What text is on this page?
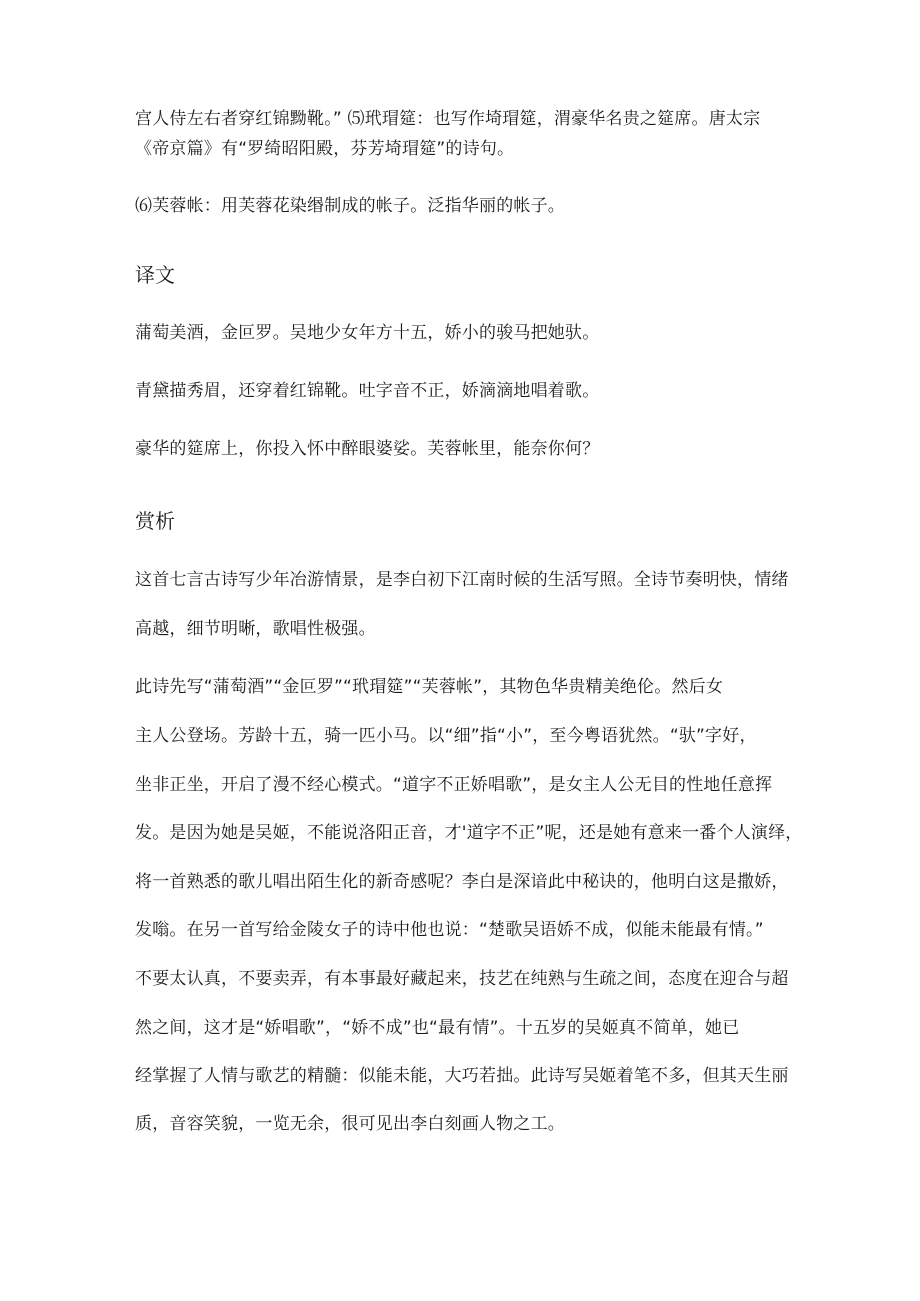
宫人侍左右者穿红锦黝靴。” ⑸玳瑁筵：也写作埼瑁筵，渭豪华名贵之筵席。唐太宗
《帝京篇》有“罗绮昭阳殿，芬芳埼瑁筵”的诗句。
⑹芙蓉帐：用芙蓉花染缗制成的帐子。泛指华丽的帐子。
译文
蒲萄美酒，金叵罗。吴地少女年方十五，娇小的骏马把她驮。
青黛描秀眉，还穿着红锦靴。吐字音不正，娇滴滴地唱着歌。
豪华的筵席上，你投入怀中醉眼婆娑。芙蓉帐里，能奈你何？
赏析
这首七言古诗写少年冶游情景，是李白初下江南时候的生活写照。全诗节奏明快，情绪
高越，细节明晰，歌唱性极强。
此诗先写“蒲萄酒”“金叵罗”“玳瑁筵”“芙蓉帐”，其物色华贵精美绝伦。然后女
主人公登场。芳龄十五，骑一匹小马。以“细”指“小”，至今粤语犹然。“驮”字好，
坐非正坐，开启了漫不经心模式。“道字不正娇唱歌”，是女主人公无目的性地任意挥
发。是因为她是吴姬，不能说洛阳正音，才'道字不正”呢，还是她有意来一番个人演绎，
将一首熟悉的歌儿唱出陌生化的新奇感呢？李白是深谙此中秘诀的，他明白这是撒娇，
发嗡。在另一首写给金陵女子的诗中他也说：“楚歌吴语娇不成，似能未能最有情。”
不要太认真，不要卖弄，有本事最好藏起来，技艺在纯熟与生疏之间，态度在迎合与超
然之间，这才是“娇唱歌”，“娇不成”也“最有情”。十五岁的吴姬真不简单，她已
经掌握了人情与歌艺的精髓：似能未能，大巧若拙。此诗写吴姬着笔不多，但其天生丽
质，音容笑貌，一览无余，很可见出李白刻画人物之工。
